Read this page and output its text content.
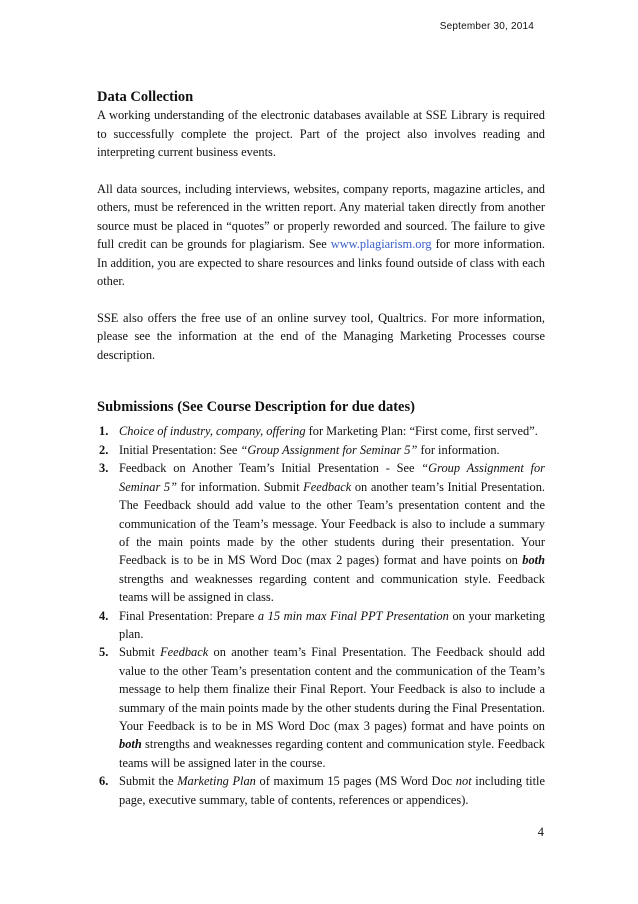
September 30, 2014
Data Collection

A working understanding of the electronic databases available at SSE Library is required to successfully complete the project. Part of the project also involves reading and interpreting current business events.

All data sources, including interviews, websites, company reports, magazine articles, and others, must be referenced in the written report. Any material taken directly from another source must be placed in “quotes” or properly reworded and sourced. The failure to give full credit can be grounds for plagiarism. See www.plagiarism.org for more information. In addition, you are expected to share resources and links found outside of class with each other.

SSE also offers the free use of an online survey tool, Qualtrics. For more information, please see the information at the end of the Managing Marketing Processes course description.

Submissions (See Course Description for due dates)
1. Choice of industry, company, offering for Marketing Plan: “First come, first served”.
2. Initial Presentation: See “Group Assignment for Seminar 5” for information.
3. Feedback on Another Team’s Initial Presentation - See “Group Assignment for Seminar 5” for information. Submit Feedback on another team’s Initial Presentation. The Feedback should add value to the other Team’s presentation content and the communication of the Team’s message. Your Feedback is also to include a summary of the main points made by the other students during their presentation. Your Feedback is to be in MS Word Doc (max 2 pages) format and have points on both strengths and weaknesses regarding content and communication style. Feedback teams will be assigned in class.
4. Final Presentation: Prepare a 15 min max Final PPT Presentation on your marketing plan.
5. Submit Feedback on another team’s Final Presentation. The Feedback should add value to the other Team’s presentation content and the communication of the Team’s message to help them finalize their Final Report. Your Feedback is also to include a summary of the main points made by the other students during the Final Presentation. Your Feedback is to be in MS Word Doc (max 3 pages) format and have points on both strengths and weaknesses regarding content and communication style. Feedback teams will be assigned later in the course.
6. Submit the Marketing Plan of maximum 15 pages (MS Word Doc not including title page, executive summary, table of contents, references or appendices).
4
